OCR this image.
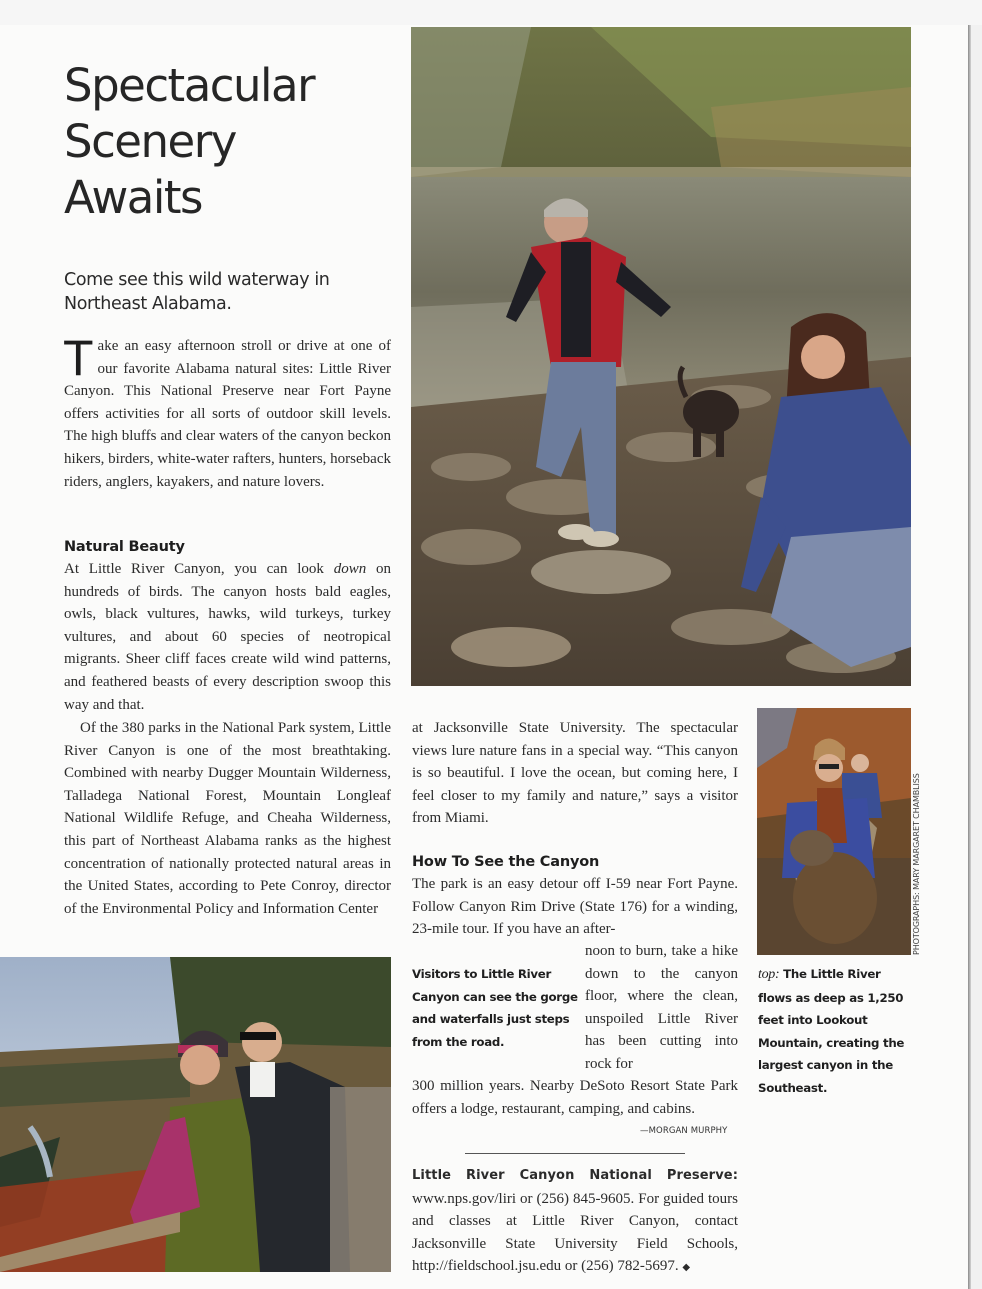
Spectacular
Scenery
Awaits

Come see this wild waterway in Northeast Alabama.

Take an easy afternoon stroll or drive at one of our favorite Alabama natural sites: Little River Canyon. This National Preserve near Fort Payne offers activities for all sorts of outdoor skill levels. The high bluffs and clear waters of the canyon beckon hikers, birders, white-water rafters, hunters, horseback riders, anglers, kayakers, and nature lovers.

Natural Beauty

At Little River Canyon, you can look down on hundreds of birds. The canyon hosts bald eagles, owls, black vultures, hawks, wild turkeys, turkey vultures, and about 60 species of neotropical migrants. Sheer cliff faces create wild wind patterns, and feathered beasts of every description swoop this way and that.

Of the 380 parks in the National Park system, Little River Canyon is one of the most breathtaking. Combined with nearby Dugger Mountain Wilderness, Talladega National Forest, Mountain Longleaf National Wildlife Refuge, and Cheaha Wilderness, this part of Northeast Alabama ranks as the highest concentration of nationally protected natural areas in the United States, according to Pete Conroy, director of the Environmental Policy and Information Center

at Jacksonville State University. The spectacular views lure nature fans in a special way. “This canyon is so beautiful. I love the ocean, but coming here, I feel closer to my family and nature,” says a visitor from Miami.

How To See the Canyon

The park is an easy detour off I-59 near Fort Payne. Follow Canyon Rim Drive (State 176) for a winding, 23-mile tour. If you have an after-

Visitors to Little River Canyon can see the gorge and waterfalls just steps from the road.

noon to burn, take a hike down to the canyon floor, where the clean, unspoiled Little River has been cutting into rock for

300 million years. Nearby DeSoto Resort State Park offers a lodge, restaurant, camping, and cabins.

—MORGAN MURPHY

Little River Canyon National Preserve: www.nps.gov/liri or (256) 845-9605. For guided tours and classes at Little River Canyon, contact Jacksonville State University Field Schools, http://fieldschool.jsu.edu or (256) 782-5697. ◆

top: The Little River flows as deep as 1,250 feet into Lookout Mountain, creating the largest canyon in the Southeast.

PHOTOGRAPHS: MARY MARGARET CHAMBLISS
